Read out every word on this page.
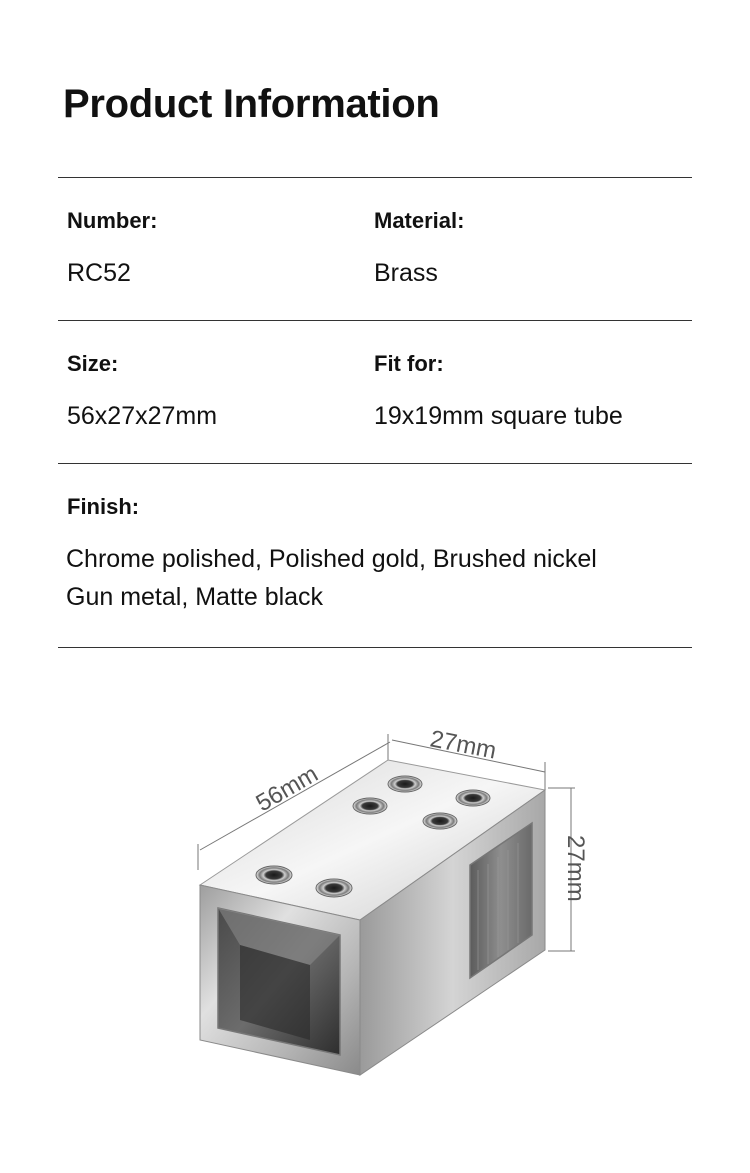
Product Information
Number:
RC52
Material:
Brass
Size:
56x27x27mm
Fit for:
19x19mm square tube
Finish:
Chrome polished, Polished gold, Brushed nickel
Gun metal, Matte black
56mm
27mm
27mm
